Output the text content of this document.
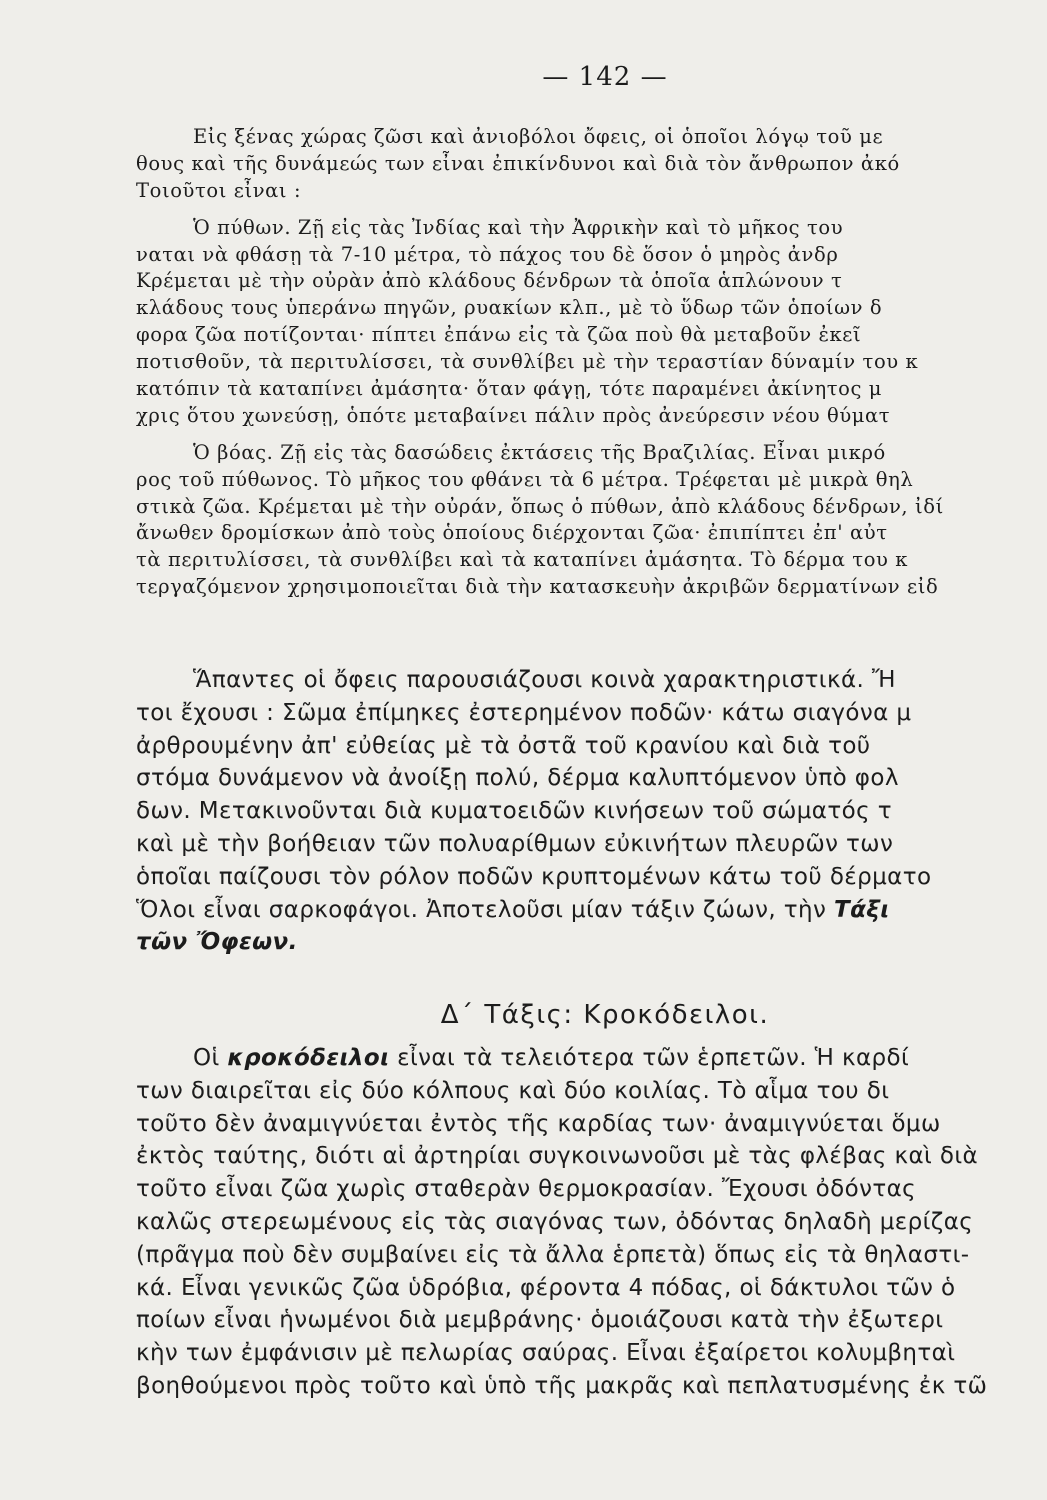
— 142 —
Εἰς ξένας χώρας ζῶσι καὶ ἀνιοβόλοι ὄφεις, οἱ ὁποῖοι λόγῳ τοῦ με
θους καὶ τῆς δυνάμεώς των εἶναι ἐπικίνδυνοι καὶ διὰ τὸν ἄνθρωπον ἀκό
Τοιοῦτοι εἶναι :
Ὁ πύθων. Ζῇ εἰς τὰς Ἰνδίας καὶ τὴν Ἀφρικὴν καὶ τὸ μῆκος του
ναται νὰ φθάσῃ τὰ 7-10 μέτρα, τὸ πάχος του δὲ ὅσον ὁ μηρὸς ἀνδρ
Κρέμεται μὲ τὴν οὐρὰν ἀπὸ κλάδους δένδρων τὰ ὁποῖα ἁπλώνουν τ
κλάδους τους ὑπεράνω πηγῶν, ρυακίων κλπ., μὲ τὸ ὕδωρ τῶν ὁποίων δ
φορα ζῶα ποτίζονται· πίπτει ἐπάνω εἰς τὰ ζῶα ποὺ θὰ μεταβοῦν ἐκεῖ
ποτισθοῦν, τὰ περιτυλίσσει, τὰ συνθλίβει μὲ τὴν τεραστίαν δύναμίν του κ
κατόπιν τὰ καταπίνει ἀμάσητα· ὅταν φάγῃ, τότε παραμένει ἀκίνητος μ
χρις ὅτου χωνεύσῃ, ὁπότε μεταβαίνει πάλιν πρὸς ἀνεύρεσιν νέου θύματ
Ὁ βόας. Ζῇ εἰς τὰς δασώδεις ἐκτάσεις τῆς Βραζιλίας. Εἶναι μικρό
ρος τοῦ πύθωνος. Τὸ μῆκος του φθάνει τὰ 6 μέτρα. Τρέφεται μὲ μικρὰ θηλ
στικὰ ζῶα. Κρέμεται μὲ τὴν οὐράν, ὅπως ὁ πύθων, ἀπὸ κλάδους δένδρων, ἰδί
ἄνωθεν δρομίσκων ἀπὸ τοὺς ὁποίους διέρχονται ζῶα· ἐπιπίπτει ἐπ' αὐτ
τὰ περιτυλίσσει, τὰ συνθλίβει καὶ τὰ καταπίνει ἀμάσητα. Τὸ δέρμα του κ
τεργαζόμενον χρησιμοποιεῖται διὰ τὴν κατασκευὴν ἀκριβῶν δερματίνων εἰδ
Ἅπαντες οἱ ὄφεις παρουσιάζουσι κοινὰ χαρακτηριστικά. Ἤ
τοι ἔχουσι : Σῶμα ἐπίμηκες ἐστερημένον ποδῶν· κάτω σιαγόνα μ
ἀρθρουμένην ἀπ' εὐθείας μὲ τὰ ὀστᾶ τοῦ κρανίου καὶ διὰ τοῦ
στόμα δυνάμενον νὰ ἀνοίξῃ πολύ, δέρμα καλυπτόμενον ὑπὸ φολ
δων. Μετακινοῦνται διὰ κυματοειδῶν κινήσεων τοῦ σώματός τ
καὶ μὲ τὴν βοήθειαν τῶν πολυαρίθμων εὐκινήτων πλευρῶν των
ὁποῖαι παίζουσι τὸν ρόλον ποδῶν κρυπτομένων κάτω τοῦ δέρματο
Ὅλοι εἶναι σαρκοφάγοι. Ἀποτελοῦσι μίαν τάξιν ζώων, τὴν Τάξι
τῶν Ὄφεων.
Δ΄ Τάξις: Κροκόδειλοι.
Οἱ κροκόδειλοι εἶναι τὰ τελειότερα τῶν ἑρπετῶν. Ἡ καρδί
των διαιρεῖται εἰς δύο κόλπους καὶ δύο κοιλίας. Τὸ αἷμα του δι
τοῦτο δὲν ἀναμιγνύεται ἐντὸς τῆς καρδίας των· ἀναμιγνύεται ὅμω
ἐκτὸς ταύτης, διότι αἱ ἀρτηρίαι συγκοινωνοῦσι μὲ τὰς φλέβας καὶ διὰ
τοῦτο εἶναι ζῶα χωρὶς σταθερὰν θερμοκρασίαν. Ἔχουσι ὀδόντας
καλῶς στερεωμένους εἰς τὰς σιαγόνας των, ὀδόντας δηλαδὴ μερίζας
(πρᾶγμα ποὺ δὲν συμβαίνει εἰς τὰ ἄλλα ἑρπετὰ) ὅπως εἰς τὰ θηλαστι-
κά. Εἶναι γενικῶς ζῶα ὑδρόβια, φέροντα 4 πόδας, οἱ δάκτυλοι τῶν ὁ
ποίων εἶναι ἡνωμένοι διὰ μεμβράνης· ὁμοιάζουσι κατὰ τὴν ἐξωτερι
κὴν των ἐμφάνισιν μὲ πελωρίας σαύρας. Εἶναι ἐξαίρετοι κολυμβηταὶ
βοηθούμενοι πρὸς τοῦτο καὶ ὑπὸ τῆς μακρᾶς καὶ πεπλατυσμένης ἐκ τῶ
